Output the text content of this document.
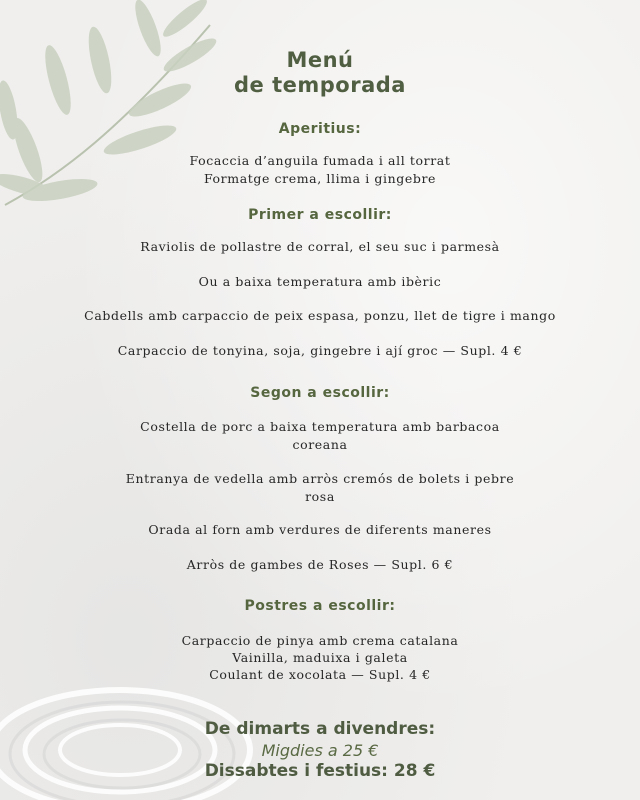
Menú
de temporada
Aperitius:

Focaccia d’anguila fumada i all torrat

Formatge crema, llima i gingebre

Primer a escollir:

Raviolis de pollastre de corral, el seu suc i parmesà

Ou a baixa temperatura amb ibèric

Cabdells amb carpaccio de peix espasa, ponzu, llet de tigre i mango

Carpaccio de tonyina, soja, gingebre i ají groc — Supl. 4 €

Segon a escollir:

Costella de porc a baixa temperatura amb barbacoa

coreana

Entranya de vedella amb arròs cremós de bolets i pebre

rosa

Orada al forn amb verdures de diferents maneres

Arròs de gambes de Roses — Supl. 6 €

Postres a escollir:

Carpaccio de pinya amb crema catalana

Vainilla, maduixa i galeta

Coulant de xocolata — Supl. 4 €

De dimarts a divendres:

Migdies a 25 €

Dissabtes i festius: 28 €
